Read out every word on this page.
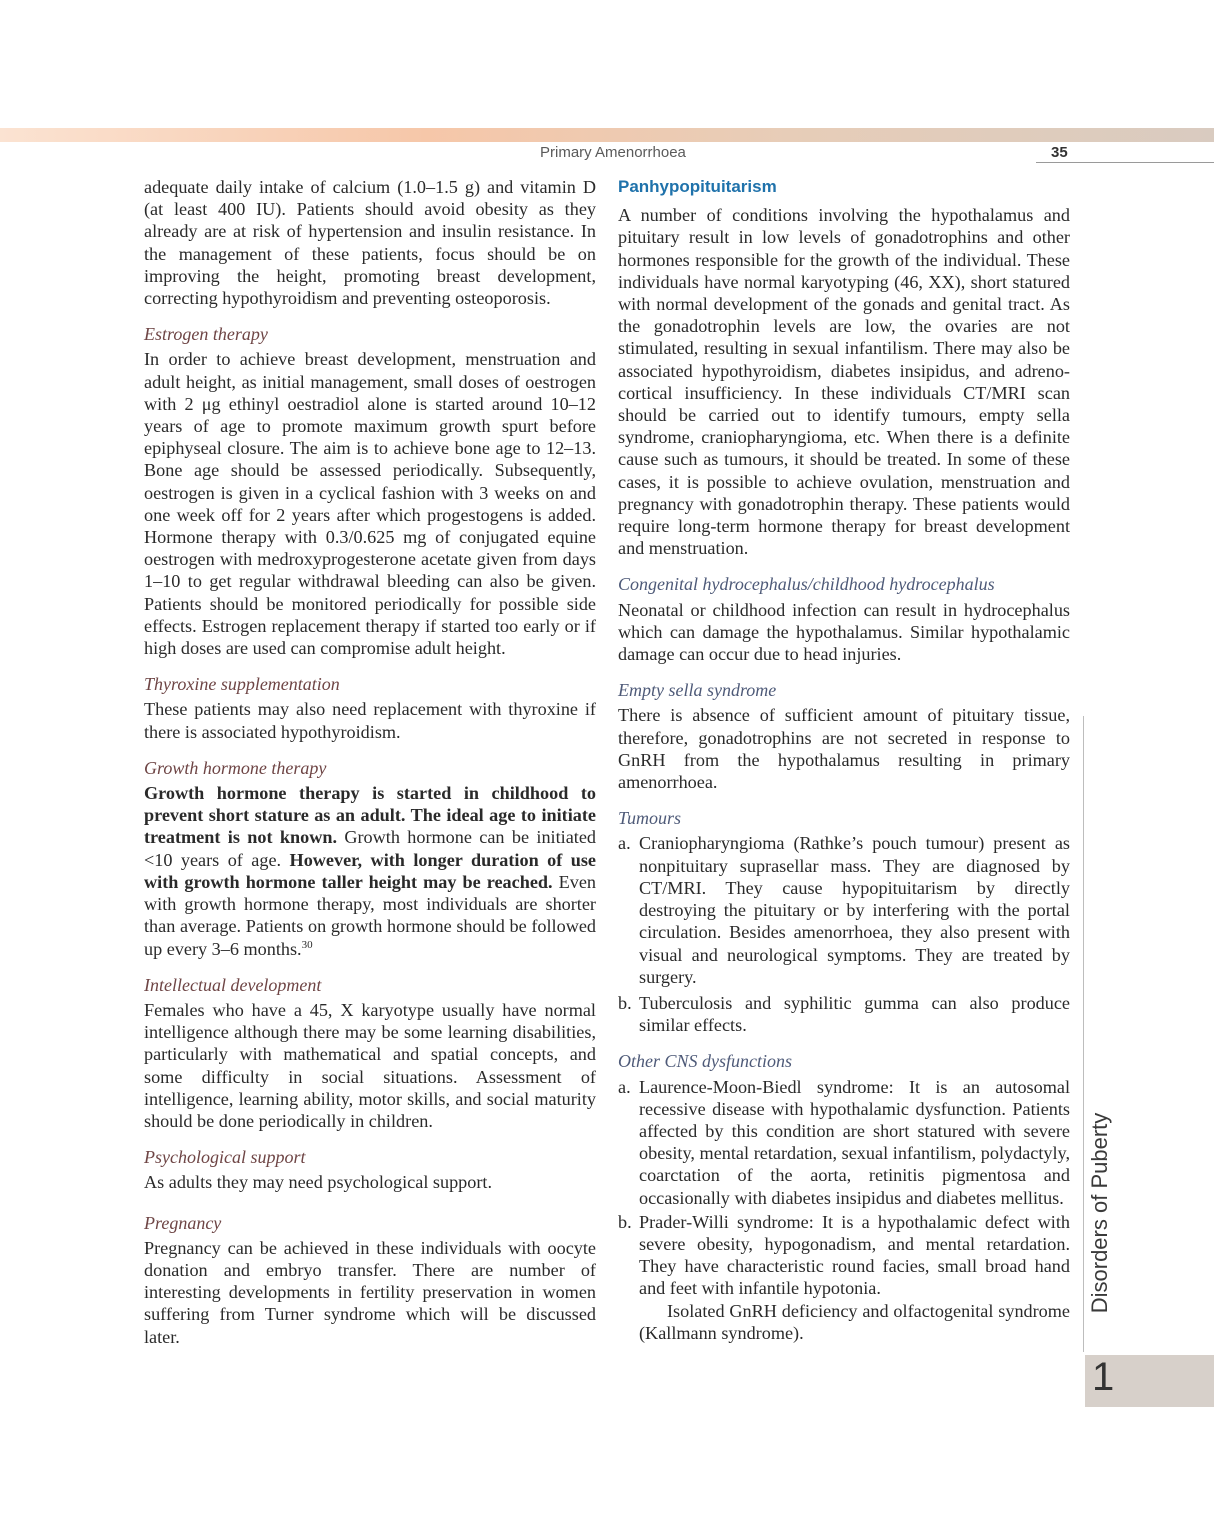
Primary Amenorrhoea	35

adequate daily intake of calcium (1.0–1.5 g) and vitamin D (at least 400 IU). Patients should avoid obesity as they already are at risk of hypertension and insulin resistance. In the management of these patients, focus should be on improving the height, promoting breast development, correcting hypothyroidism and preventing osteoporosis.

Estrogen therapy

In order to achieve breast development, menstruation and adult height, as initial management, small doses of oestrogen with 2 μg ethinyl oestradiol alone is started around 10–12 years of age to promote maximum growth spurt before epiphyseal closure. The aim is to achieve bone age to 12–13. Bone age should be assessed periodically. Subsequently, oestrogen is given in a cyclical fashion with 3 weeks on and one week off for 2 years after which progestogens is added. Hormone therapy with 0.3/0.625 mg of conjugated equine oestrogen with medroxyprogesterone acetate given from days 1–10 to get regular withdrawal bleeding can also be given. Patients should be monitored periodically for possible side effects. Estrogen replacement therapy if started too early or if high doses are used can compromise adult height.

Thyroxine supplementation

These patients may also need replacement with thyroxine if there is associated hypothyroidism.

Growth hormone therapy

Growth hormone therapy is started in childhood to prevent short stature as an adult. The ideal age to initiate treatment is not known. Growth hormone can be initiated <10 years of age. However, with longer duration of use with growth hormone taller height may be reached. Even with growth hormone therapy, most individuals are shorter than average. Patients on growth hormone should be followed up every 3–6 months.$^{30}$

Intellectual development

Females who have a 45, X karyotype usually have normal intelligence although there may be some learning disabilities, particularly with mathematical and spatial concepts, and some difficulty in social situations. Assessment of intelligence, learning ability, motor skills, and social maturity should be done periodically in children.

Psychological support

As adults they may need psychological support.

Pregnancy

Pregnancy can be achieved in these individuals with oocyte donation and embryo transfer. There are number of interesting developments in fertility preservation in women suffering from Turner syndrome which will be discussed later.

Panhypopituitarism

A number of conditions involving the hypothalamus and pituitary result in low levels of gonadotrophins and other hormones responsible for the growth of the individual. These individuals have normal karyotyping (46, XX), short statured with normal development of the gonads and genital tract. As the gonadotrophin levels are low, the ovaries are not stimulated, resulting in sexual infantilism. There may also be associated hypothyroidism, diabetes insipidus, and adreno-cortical insufficiency. In these individuals CT/MRI scan should be carried out to identify tumours, empty sella syndrome, craniopharyngioma, etc. When there is a definite cause such as tumours, it should be treated. In some of these cases, it is possible to achieve ovulation, menstruation and pregnancy with gonadotrophin therapy. These patients would require long-term hormone therapy for breast development and menstruation.

Congenital hydrocephalus/childhood hydrocephalus

Neonatal or childhood infection can result in hydrocephalus which can damage the hypothalamus. Similar hypothalamic damage can occur due to head injuries.

Empty sella syndrome

There is absence of sufficient amount of pituitary tissue, therefore, gonadotrophins are not secreted in response to GnRH from the hypothalamus resulting in primary amenorrhoea.

Tumours

a. Craniopharyngioma (Rathke’s pouch tumour) present as nonpituitary suprasellar mass. They are diagnosed by CT/MRI. They cause hypopituitarism by directly destroying the pituitary or by interfering with the portal circulation. Besides amenorrhoea, they also present with visual and neurological symptoms. They are treated by surgery.

b. Tuberculosis and syphilitic gumma can also produce similar effects.

Other CNS dysfunctions

a. Laurence-Moon-Biedl syndrome: It is an autosomal recessive disease with hypothalamic dysfunction. Patients affected by this condition are short statured with severe obesity, mental retardation, sexual infantilism, polydactyly, coarctation of the aorta, retinitis pigmentosa and occasionally with diabetes insipidus and diabetes mellitus.

b. Prader-Willi syndrome: It is a hypothalamic defect with severe obesity, hypogonadism, and mental retardation. They have characteristic round facies, small broad hand and feet with infantile hypotonia.

Isolated GnRH deficiency and olfactogenital syndrome (Kallmann syndrome).

Disorders of Puberty
1
